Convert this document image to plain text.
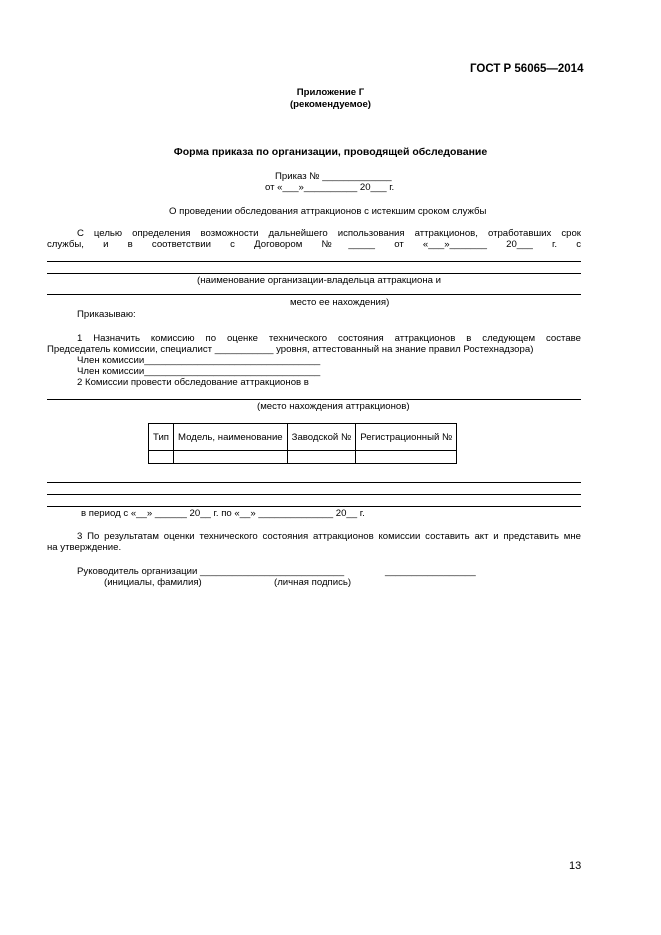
ГОСТ Р 56065—2014
Приложение Г
(рекомендуемое)
Форма приказа по организации, проводящей обследование
Приказ № _____________
от «___»__________ 20___ г.
О проведении обследования аттракционов с истекшим сроком службы
С целью определения возможности дальнейшего использования аттракционов, отработавших срок
службы, и в соответствии с Договором №_____ от «___»_______ 20___ г. с
(наименование организации-владельца аттракциона и
место ее нахождения)
Приказываю:
1 Назначить комиссию по оценке технического состояния аттракционов в следующем составе
Председатель комиссии, специалист ___________ уровня, аттестованный на знание правил Ростехнадзора)
Член комиссии_________________________________
Член комиссии_________________________________
2 Комиссии провести обследование аттракционов в
(место нахождения аттракционов)
Тип	Модель, наименование	Заводской №	Регистрационный №

в период с «__» ______ 20__ г. по «__» ______________ 20__ г.
3 По результатам оценки технического состояния аттракционов комиссии составить акт и представить мне
на утверждение.
Руководитель организации ___________________________	_________________
(инициалы, фамилия)	(личная подпись)
13
